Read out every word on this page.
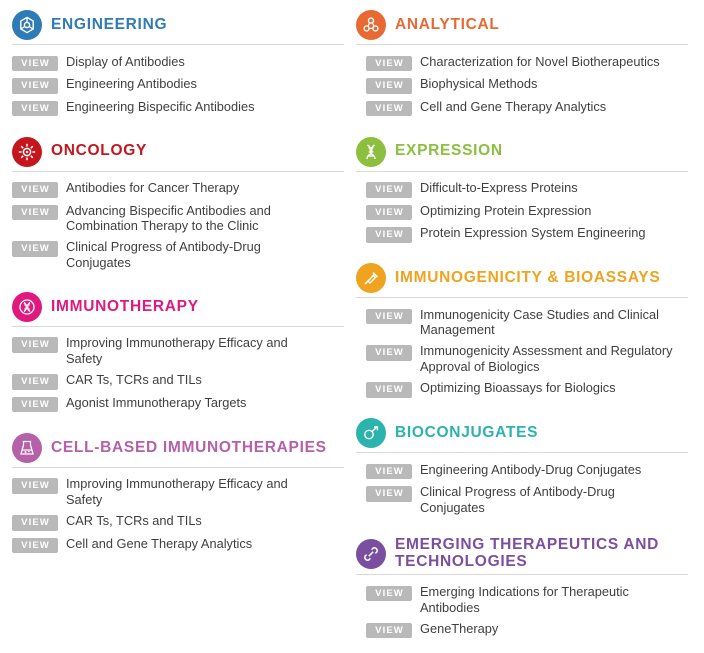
ENGINEERING
VIEW	Display of Antibodies
VIEW	Engineering Antibodies
VIEW	Engineering Bispecific Antibodies
ONCOLOGY
VIEW	Antibodies for Cancer Therapy
VIEW	Advancing Bispecific Antibodies and Combination Therapy to the Clinic
VIEW	Clinical Progress of Antibody-Drug Conjugates
IMMUNOTHERAPY
VIEW	Improving Immunotherapy Efficacy and Safety
VIEW	CAR Ts, TCRs and TILs
VIEW	Agonist Immunotherapy Targets
CELL-BASED IMMUNOTHERAPIES
VIEW	Improving Immunotherapy Efficacy and Safety
VIEW	CAR Ts, TCRs and TILs
VIEW	Cell and Gene Therapy Analytics
ANALYTICAL
VIEW	Characterization for Novel Biotherapeutics
VIEW	Biophysical Methods
VIEW	Cell and Gene Therapy Analytics
EXPRESSION
VIEW	Difficult-to-Express Proteins
VIEW	Optimizing Protein Expression
VIEW	Protein Expression System Engineering
IMMUNOGENICITY & BIOASSAYS
VIEW	Immunogenicity Case Studies and Clinical Management
VIEW	Immunogenicity Assessment and Regulatory Approval of Biologics
VIEW	Optimizing Bioassays for Biologics
BIOCONJUGATES
VIEW	Engineering Antibody-Drug Conjugates
VIEW	Clinical Progress of Antibody-Drug Conjugates
EMERGING THERAPEUTICS AND TECHNOLOGIES
VIEW	Emerging Indications for Therapeutic Antibodies
VIEW	GeneTherapy
